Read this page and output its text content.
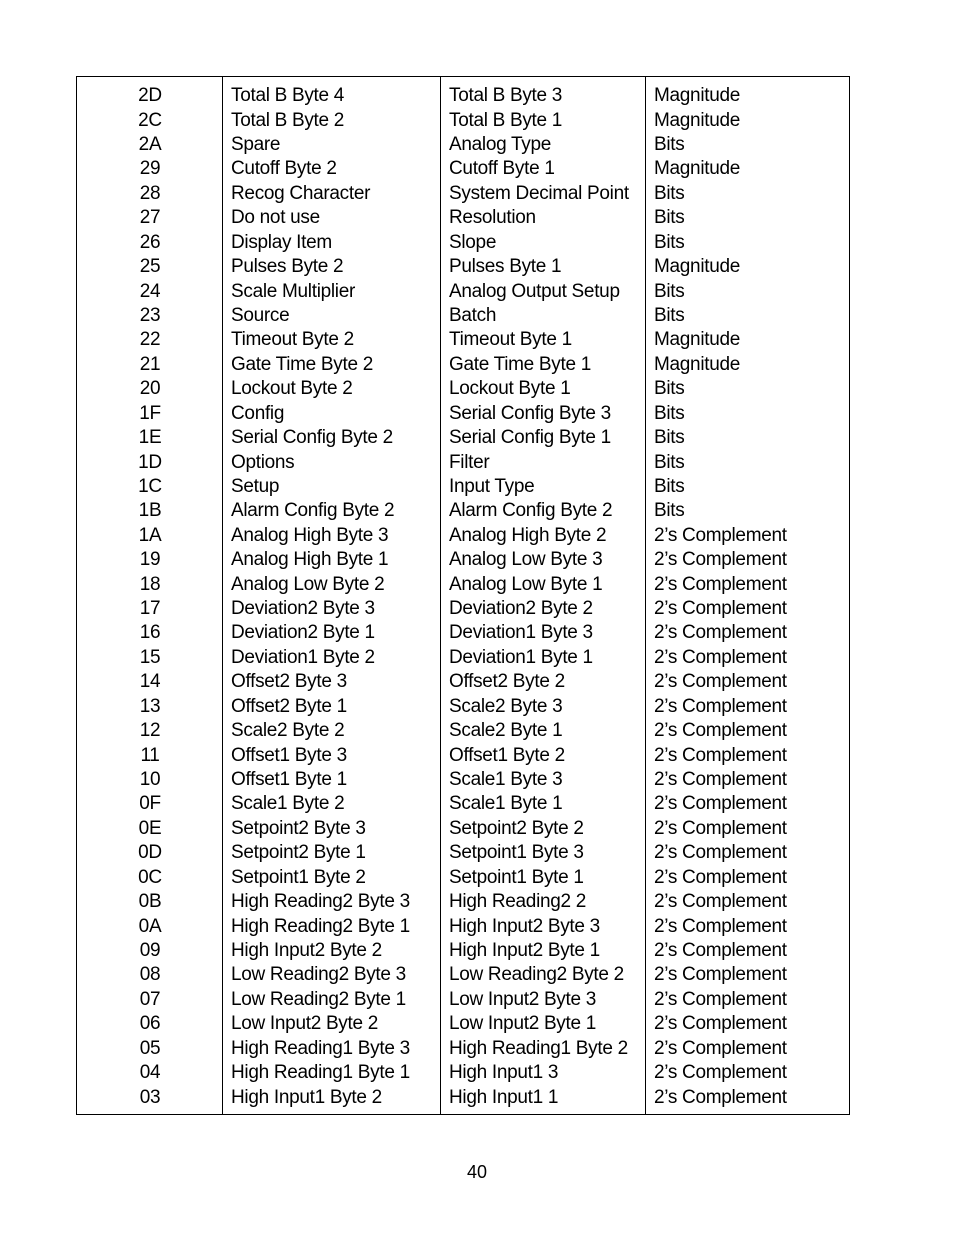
2D	Total B Byte 4	Total B Byte 3	Magnitude
2C	Total B Byte 2	Total B Byte 1	Magnitude
2A	Spare	Analog Type	Bits
29	Cutoff Byte 2	Cutoff Byte 1	Magnitude
28	Recog Character	System Decimal Point	Bits
27	Do not use	Resolution	Bits
26	Display Item	Slope	Bits
25	Pulses Byte 2	Pulses Byte 1	Magnitude
24	Scale Multiplier	Analog Output Setup	Bits
23	Source	Batch	Bits
22	Timeout Byte 2	Timeout Byte 1	Magnitude
21	Gate Time Byte 2	Gate Time Byte 1	Magnitude
20	Lockout Byte 2	Lockout Byte 1	Bits
1F	Config	Serial Config Byte 3	Bits
1E	Serial Config Byte 2	Serial Config Byte 1	Bits
1D	Options	Filter	Bits
1C	Setup	Input Type	Bits
1B	Alarm Config Byte 2	Alarm Config Byte 2	Bits
1A	Analog High Byte 3	Analog High Byte 2	2’s Complement
19	Analog High Byte 1	Analog Low Byte 3	2’s Complement
18	Analog Low Byte 2	Analog Low Byte 1	2’s Complement
17	Deviation2 Byte 3	Deviation2 Byte 2	2’s Complement
16	Deviation2 Byte 1	Deviation1 Byte 3	2’s Complement
15	Deviation1 Byte 2	Deviation1 Byte 1	2’s Complement
14	Offset2 Byte 3	Offset2 Byte 2	2’s Complement
13	Offset2 Byte 1	Scale2 Byte 3	2’s Complement
12	Scale2 Byte 2	Scale2 Byte 1	2’s Complement
11	Offset1 Byte 3	Offset1 Byte 2	2’s Complement
10	Offset1 Byte 1	Scale1 Byte 3	2’s Complement
0F	Scale1 Byte 2	Scale1 Byte 1	2’s Complement
0E	Setpoint2 Byte 3	Setpoint2 Byte 2	2’s Complement
0D	Setpoint2 Byte 1	Setpoint1 Byte 3	2’s Complement
0C	Setpoint1 Byte 2	Setpoint1 Byte 1	2’s Complement
0B	High Reading2 Byte 3	High Reading2 2	2’s Complement
0A	High Reading2 Byte 1	High Input2 Byte 3	2’s Complement
09	High Input2 Byte 2	High Input2 Byte 1	2’s Complement
08	Low Reading2 Byte 3	Low Reading2 Byte 2	2’s Complement
07	Low Reading2 Byte 1	Low Input2 Byte 3	2’s Complement
06	Low Input2 Byte 2	Low Input2 Byte 1	2’s Complement
05	High Reading1 Byte 3	High Reading1 Byte 2	2’s Complement
04	High Reading1 Byte 1	High Input1 3	2’s Complement
03	High Input1 Byte 2	High Input1 1	2’s Complement
40
